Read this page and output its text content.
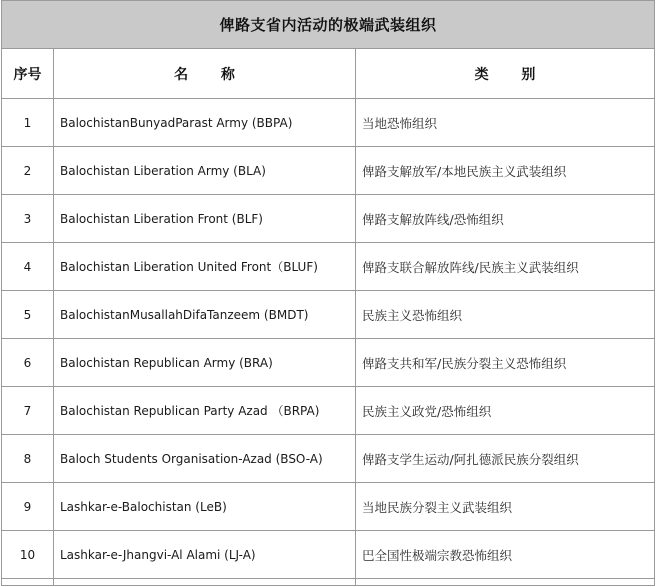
俾路支省内活动的极端武装组织		
序号	名 称	类 别
1	BalochistanBunyadParast Army (BBPA)	当地恐怖组织
2	Balochistan Liberation Army (BLA)	俾路支解放军/本地民族主义武装组织
3	Balochistan Liberation Front (BLF)	俾路支解放阵线/恐怖组织
4	Balochistan Liberation United Front（BLUF)	俾路支联合解放阵线/民族主义武装组织
5	BalochistanMusallahDifaTanzeem (BMDT)	民族主义恐怖组织
6	Balochistan Republican Army (BRA)	俾路支共和军/民族分裂主义恐怖组织
7	Balochistan Republican Party Azad （BRPA)	民族主义政党/恐怖组织
8	Baloch Students Organisation-Azad (BSO-A)	俾路支学生运动/阿扎德派民族分裂组织
9	Lashkar-e-Balochistan (LeB)	当地民族分裂主义武装组织
10	Lashkar-e-Jhangvi-Al Alami (LJ-A)	巴全国性极端宗教恐怖组织
